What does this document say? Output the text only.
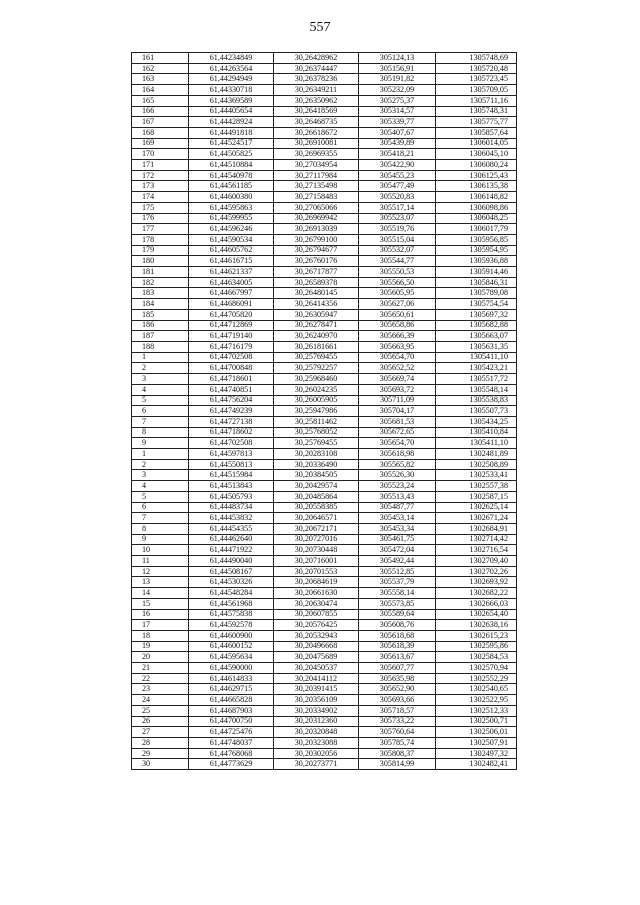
557
161	61,44234849	30,26428962	305124,13	1305748,69
162	61,44263564	30,26374447	305156,91	1305720,48
163	61,44294949	30,26378236	305191,82	1305723,45
164	61,44330718	30,26349211	305232,09	1305709,05
165	61,44369589	30,26350962	305275,37	1305711,16
166	61,44405654	30,26418569	305314,57	1305748,31
167	61,44428924	30,26468735	305339,77	1305775,77
168	61,44491818	30,26618672	305407,67	1305857,64
169	61,44524517	30,26910081	305439,89	1306014,05
170	61,44505825	30,26969355	305418,21	1306045,10
171	61,44510884	30,27034954	305422,90	1306080,24
172	61,44540978	30,27117984	305455,23	1306125,43
173	61,44561185	30,27135498	305477,49	1306135,38
174	61,44600380	30,27158483	305520,83	1306148,82
175	61,44595863	30,27065066	305517,14	1306098,86
176	61,44599955	30,26969942	305523,07	1306048,25
177	61,44596246	30,26913039	305519,76	1306017,79
178	61,44590534	30,26799100	305515,04	1305956,85
179	61,44605762	30,26794677	305532,07	1305954,95
180	61,44616715	30,26760176	305544,77	1305936,88
181	61,44621337	30,26717877	305550,53	1305914,46
182	61,44634005	30,26589378	305566,50	1305846,31
183	61,44667997	30,26480145	305605,95	1305789,08
184	61,44686091	30,26414356	305627,06	1305754,54
185	61,44705820	30,26305947	305650,61	1305697,32
186	61,44712869	30,26278471	305658,86	1305682,88
187	61,44719140	30,26240970	305666,39	1305663,07
188	61,44716179	30,26181661	305663,95	1305631,35
1	61,44702508	30,25769455	305654,70	1305411,10
2	61,44700848	30,25792257	305652,52	1305423,21
3	61,44718601	30,25968460	305669,74	1305517,72
4	61,44740851	30,26024235	305693,72	1305548,14
5	61,44756204	30,26005905	305711,09	1305538,83
6	61,44749239	30,25947986	305704,17	1305507,73
7	61,44727138	30,25811462	305681,53	1305434,25
8	61,44718602	30,25768052	305672,65	1305410,84
9	61,44702508	30,25769455	305654,70	1305411,10
1	61,44597813	30,20283108	305618,98	1302481,89
2	61,44550813	30,20336490	305565,82	1302508,89
3	61,44515984	30,20384505	305526,30	1302533,41
4	61,44513843	30,20429574	305523,24	1302557,38
5	61,44505793	30,20485864	305513,43	1302587,15
6	61,44483734	30,20558385	305487,77	1302625,14
7	61,44453832	30,20646571	305453,14	1302671,24
8	61,44454355	30,20672171	305453,34	1302684,91
9	61,44462640	30,20727016	305461,75	1302714,42
10	61,44471922	30,20730448	305472,04	1302716,54
11	61,44490040	30,20716001	305492,44	1302709,40
12	61,44508167	30,20701553	305512,85	1302702,26
13	61,44530326	30,20684619	305537,79	1302693,92
14	61,44548284	30,20661630	305558,14	1302682,22
15	61,44561968	30,20630474	305573,85	1302666,03
16	61,44575838	30,20607855	305589,64	1302654,40
17	61,44592578	30,20576425	305608,76	1302638,16
18	61,44600900	30,20532943	305618,68	1302615,23
19	61,44600152	30,20496668	305618,39	1302595,86
20	61,44595634	30,20475689	305613,67	1302584,53
21	61,44590000	30,20450537	305607,77	1302570,94
22	61,44614833	30,20414112	305635,98	1302552,29
23	61,44629715	30,20391415	305652,90	1302540,65
24	61,44665828	30,20356109	305693,66	1302522,95
25	61,44687903	30,20334902	305718,57	1302512,33
26	61,44700750	30,20312360	305733,22	1302500,71
27	61,44725476	30,20320848	305760,64	1302506,01
28	61,44748037	30,20323088	305785,74	1302507,91
29	61,44768068	30,20302056	305808,37	1302497,32
30	61,44773629	30,20273771	305814,99	1302482,41
